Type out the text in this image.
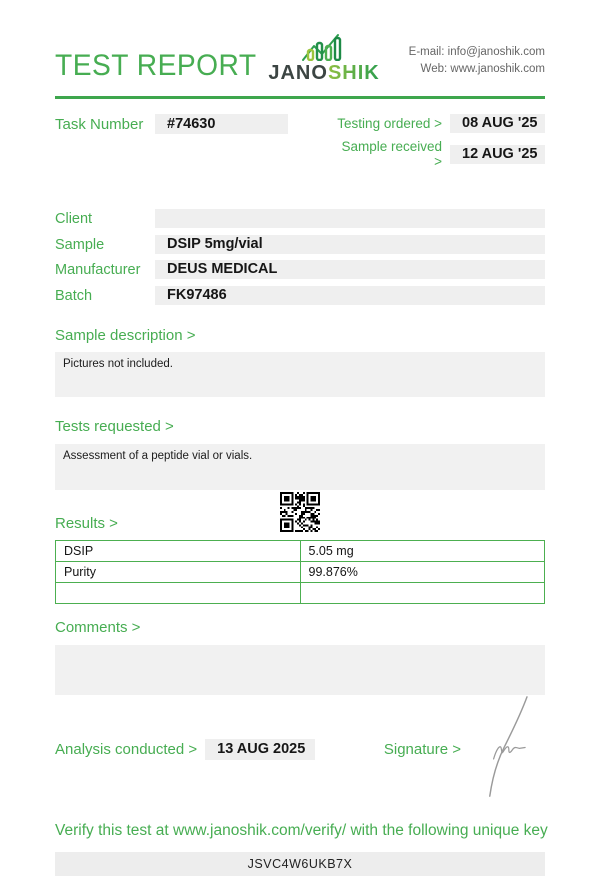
TEST REPORT JANOSHIK
E-mail: info@janoshik.com
Web: www.janoshik.com
Task Number	#74630	Testing ordered >	08 AUG '25
Sample received >	12 AUG '25
Client
Sample	DSIP 5mg/vial
Manufacturer	DEUS MEDICAL
Batch	FK97486
Sample description >
Pictures not included.
Tests requested >
Assessment of a peptide vial or vials.
Results >
DSIP	5.05 mg
Purity	99.876%

Comments >
Analysis conducted >	13 AUG 2025	Signature >
Verify this test at www.janoshik.com/verify/ with the following unique key
JSVC4W6UKB7X
